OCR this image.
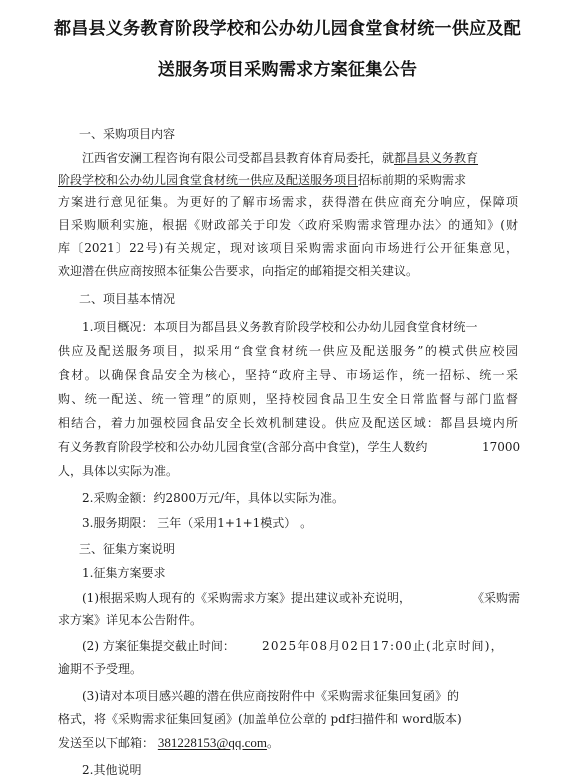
都昌县义务教育阶段学校和公办幼儿园食堂食材统一供应及配
送服务项目采购需求方案征集公告
一、采购项目内容
江西省安澜工程咨询有限公司受都昌县教育体育局委托，就都昌县义务教育
阶段学校和公办幼儿园食堂食材统一供应及配送服务项目招标前期的采购需求
方案进行意见征集。为更好的了解市场需求，获得潜在供应商充分响应，保障项
目采购顺利实施，根据《财政部关于印发〈政府采购需求管理办法〉的通知》(财
库〔2021〕22号)有关规定，现对该项目采购需求面向市场进行公开征集意见，
欢迎潜在供应商按照本征集公告要求，向指定的邮箱提交相关建议。
二、项目基本情况
1.项目概况：本项目为都昌县义务教育阶段学校和公办幼儿园食堂食材统一
供应及配送服务项目，拟采用“食堂食材统一供应及配送服务”的模式供应校园
食材。以确保食品安全为核心，坚持“政府主导、市场运作，统一招标、统一采
购、统一配送、统一管理”的原则，坚持校园食品卫生安全日常监督与部门监督
相结合，着力加强校园食品安全长效机制建设。供应及配送区域：都昌县境内所
有义务教育阶段学校和公办幼儿园食堂(含部分高中食堂)，学生人数约	17000
人，具体以实际为准。
2.采购金额：约2800万元/年，具体以实际为准。
3.服务期限： 三年（采用1+1+1模式） 。
三、征集方案说明
1.征集方案要求
(1)根据采购人现有的《采购需求方案》提出建议或补充说明，	《采购需
求方案》详见本公告附件。
(2) 方案征集提交截止时间： 2025年08月02日17:00止(北京时间)，
逾期不予受理。
(3)请对本项目感兴趣的潜在供应商按附件中《采购需求征集回复函》的
格式，将《采购需求征集回复函》(加盖单位公章的 pdf扫描件和 word版本)
发送至以下邮箱： 381228153@qq.com。
2.其他说明
